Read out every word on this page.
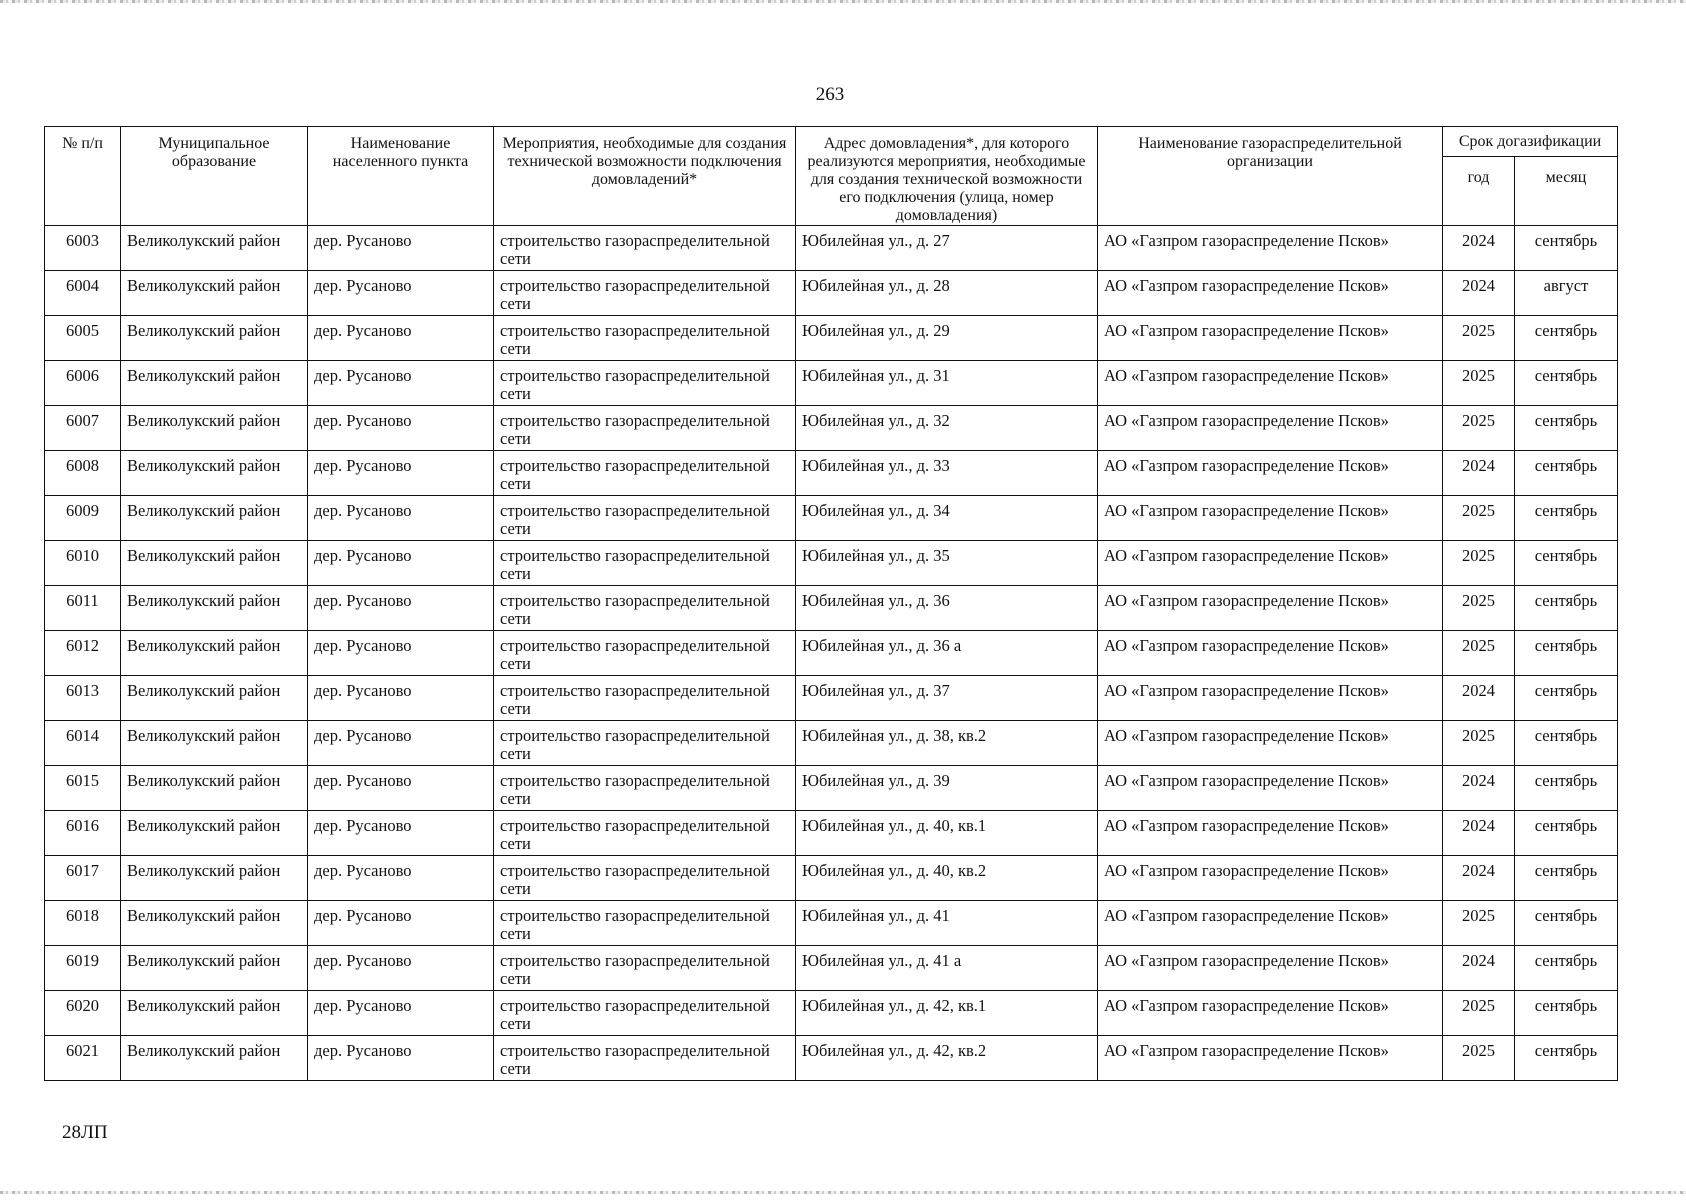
263
№ п/п	Муниципальное образование	Наименование населенного пункта	Мероприятия, необходимые для создания технической возможности подключения домовладений*	Адрес домовладения*, для которого реализуются мероприятия, необходимые для создания технической возможности его подключения (улица, номер домовладения)	Наименование газораспределительной организации	Срок догазификации	
						год	месяц
6003	Великолукский район	дер. Русаново	строительство газораспределительной сети	Юбилейная ул., д. 27	АО «Газпром газораспределение Псков»	2024	сентябрь
6004	Великолукский район	дер. Русаново	строительство газораспределительной сети	Юбилейная ул., д. 28	АО «Газпром газораспределение Псков»	2024	август
6005	Великолукский район	дер. Русаново	строительство газораспределительной сети	Юбилейная ул., д. 29	АО «Газпром газораспределение Псков»	2025	сентябрь
6006	Великолукский район	дер. Русаново	строительство газораспределительной сети	Юбилейная ул., д. 31	АО «Газпром газораспределение Псков»	2025	сентябрь
6007	Великолукский район	дер. Русаново	строительство газораспределительной сети	Юбилейная ул., д. 32	АО «Газпром газораспределение Псков»	2025	сентябрь
6008	Великолукский район	дер. Русаново	строительство газораспределительной сети	Юбилейная ул., д. 33	АО «Газпром газораспределение Псков»	2024	сентябрь
6009	Великолукский район	дер. Русаново	строительство газораспределительной сети	Юбилейная ул., д. 34	АО «Газпром газораспределение Псков»	2025	сентябрь
6010	Великолукский район	дер. Русаново	строительство газораспределительной сети	Юбилейная ул., д. 35	АО «Газпром газораспределение Псков»	2025	сентябрь
6011	Великолукский район	дер. Русаново	строительство газораспределительной сети	Юбилейная ул., д. 36	АО «Газпром газораспределение Псков»	2025	сентябрь
6012	Великолукский район	дер. Русаново	строительство газораспределительной сети	Юбилейная ул., д. 36 а	АО «Газпром газораспределение Псков»	2025	сентябрь
6013	Великолукский район	дер. Русаново	строительство газораспределительной сети	Юбилейная ул., д. 37	АО «Газпром газораспределение Псков»	2024	сентябрь
6014	Великолукский район	дер. Русаново	строительство газораспределительной сети	Юбилейная ул., д. 38, кв.2	АО «Газпром газораспределение Псков»	2025	сентябрь
6015	Великолукский район	дер. Русаново	строительство газораспределительной сети	Юбилейная ул., д. 39	АО «Газпром газораспределение Псков»	2024	сентябрь
6016	Великолукский район	дер. Русаново	строительство газораспределительной сети	Юбилейная ул., д. 40, кв.1	АО «Газпром газораспределение Псков»	2024	сентябрь
6017	Великолукский район	дер. Русаново	строительство газораспределительной сети	Юбилейная ул., д. 40, кв.2	АО «Газпром газораспределение Псков»	2024	сентябрь
6018	Великолукский район	дер. Русаново	строительство газораспределительной сети	Юбилейная ул., д. 41	АО «Газпром газораспределение Псков»	2025	сентябрь
6019	Великолукский район	дер. Русаново	строительство газораспределительной сети	Юбилейная ул., д. 41 а	АО «Газпром газораспределение Псков»	2024	сентябрь
6020	Великолукский район	дер. Русаново	строительство газораспределительной сети	Юбилейная ул., д. 42, кв.1	АО «Газпром газораспределение Псков»	2025	сентябрь
6021	Великолукский район	дер. Русаново	строительство газораспределительной сети	Юбилейная ул., д. 42, кв.2	АО «Газпром газораспределение Псков»	2025	сентябрь
28ЛП
